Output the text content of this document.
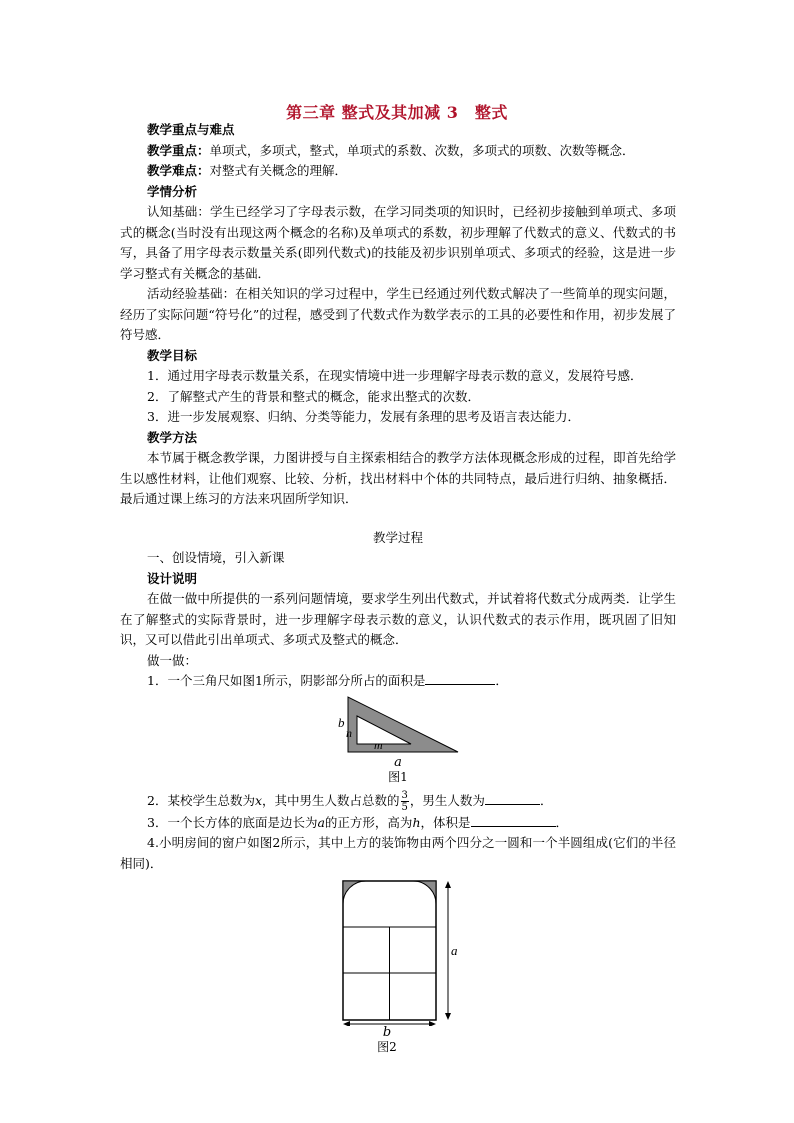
第三章 整式及其加减 3　整式
教学重点与难点
教学重点：单项式，多项式，整式，单项式的系数、次数，多项式的项数、次数等概念．
教学难点：对整式有关概念的理解．
学情分析
认知基础：学生已经学习了字母表示数，在学习同类项的知识时，已经初步接触到单项式、多项式的概念(当时没有出现这两个概念的名称)及单项式的系数，初步理解了代数式的意义、代数式的书写，具备了用字母表示数量关系(即列代数式)的技能及初步识别单项式、多项式的经验，这是进一步学习整式有关概念的基础．
活动经验基础：在相关知识的学习过程中，学生已经通过列代数式解决了一些简单的现实问题，经历了实际问题“符号化”的过程，感受到了代数式作为数学表示的工具的必要性和作用，初步发展了符号感．
教学目标
1．通过用字母表示数量关系，在现实情境中进一步理解字母表示数的意义，发展符号感．
2．了解整式产生的背景和整式的概念，能求出整式的次数．
3．进一步发展观察、归纳、分类等能力，发展有条理的思考及语言表达能力．
教学方法
本节属于概念教学课，力图讲授与自主探索相结合的教学方法体现概念形成的过程，即首先给学生以感性材料，让他们观察、比较、分析，找出材料中个体的共同特点，最后进行归纳、抽象概括．最后通过课上练习的方法来巩固所学知识．
教学过程
一、创设情境，引入新课
设计说明
在做一做中所提供的一系列问题情境，要求学生列出代数式，并试着将代数式分成两类．让学生在了解整式的实际背景时，进一步理解字母表示数的意义，认识代数式的表示作用，既巩固了旧知识，又可以借此引出单项式、多项式及整式的概念．
做一做：
1．一个三角尺如图1所示，阴影部分所占的面积是	．
b
n
m
a
图1
2．某校学生总数为x，其中男生人数占总数的 $\frac{3}{5}$ ，男生人数为	．
3．一个长方体的底面是边长为a的正方形，高为h，体积是	．
4.小明房间的窗户如图2所示，其中上方的装饰物由两个四分之一圆和一个半圆组成(它们的半径相同)．
a
b
图2
